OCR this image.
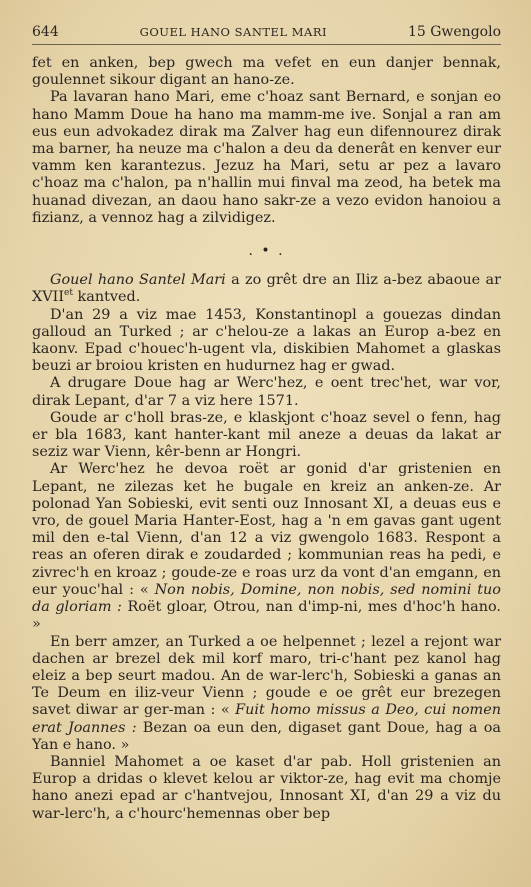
644	GOUEL HANO SANTEL MARI	15 Gwengolo

fet en anken, bep gwech ma vefet en eun danjer bennak, goulennet sikour digant an hano-ze.

Pa lavaran hano Mari, eme c'hoaz sant Bernard, e sonjan eo hano Mamm Doue ha hano ma mamm-me ive. Sonjal a ran am eus eun advokadez dirak ma Zalver hag eun difennourez dirak ma barner, ha neuze ma c'halon a deu da denerât en kenver eur vamm ken karantezus. Jezuz ha Mari, setu ar pez a lavaro c'hoaz ma c'halon, pa n'hallin mui finval ma zeod, ha betek ma huanad divezan, an daou hano sakr-ze a vezo evidon hanoiou a fizianz, a vennoz hag a zilvidigez.

. • .

Gouel hano Santel Mari a zo grêt dre an Iliz a-bez abaoue ar $XVII^{et}$ kantved.

D'an 29 a viz mae 1453, Konstantinopl a gouezas dindan galloud an Turked ; ar c'helou-ze a lakas an Europ a-bez en kaonv. Epad c'houec'h-ugent vla, diskibien Mahomet a glaskas beuzi ar broiou kristen en hudurnez hag er gwad.

A drugare Doue hag ar Werc'hez, e oent trec'het, war vor, dirak Lepant, d'ar 7 a viz here 1571.

Goude ar c'holl bras-ze, e klaskjont c'hoaz sevel o fenn, hag er bla 1683, kant hanter-kant mil aneze a deuas da lakat ar seziz war Vienn, kêr-benn ar Hongri.

Ar Werc'hez he devoa roët ar gonid d'ar gristenien en Lepant, ne zilezas ket he bugale en kreiz an anken-ze. Ar polonad Yan Sobieski, evit senti ouz Innosant XI, a deuas eus e vro, de gouel Maria Hanter-Eost, hag a 'n em gavas gant ugent mil den e-tal Vienn, d'an 12 a viz gwengolo 1683. Respont a reas an oferen dirak e zoudarded ; kommunian reas ha pedi, e zivrec'h en kroaz ; goude-ze e roas urz da vont d'an emgann, en eur youc'hal : « Non nobis, Domine, non nobis, sed nomini tuo da gloriam : Roët gloar, Otrou, nan d'imp-ni, mes d'hoc'h hano. »

En berr amzer, an Turked a oe helpennet ; lezel a rejont war dachen ar brezel dek mil korf maro, tri-c'hant pez kanol hag eleiz a bep seurt madou. An de war-lerc'h, Sobieski a ganas an Te Deum en iliz-veur Vienn ; goude e oe grêt eur brezegen savet diwar ar ger-man : « Fuit homo missus a Deo, cui nomen erat Joannes : Bezan oa eun den, digaset gant Doue, hag a oa Yan e hano. »

Banniel Mahomet a oe kaset d'ar pab. Holl gristenien an Europ a dridas o klevet kelou ar viktor-ze, hag evit ma chomje hano anezi epad ar c'hantvejou, Innosant XI, d'an 29 a viz du war-lerc'h, a c'hourc'hemennas ober bep
